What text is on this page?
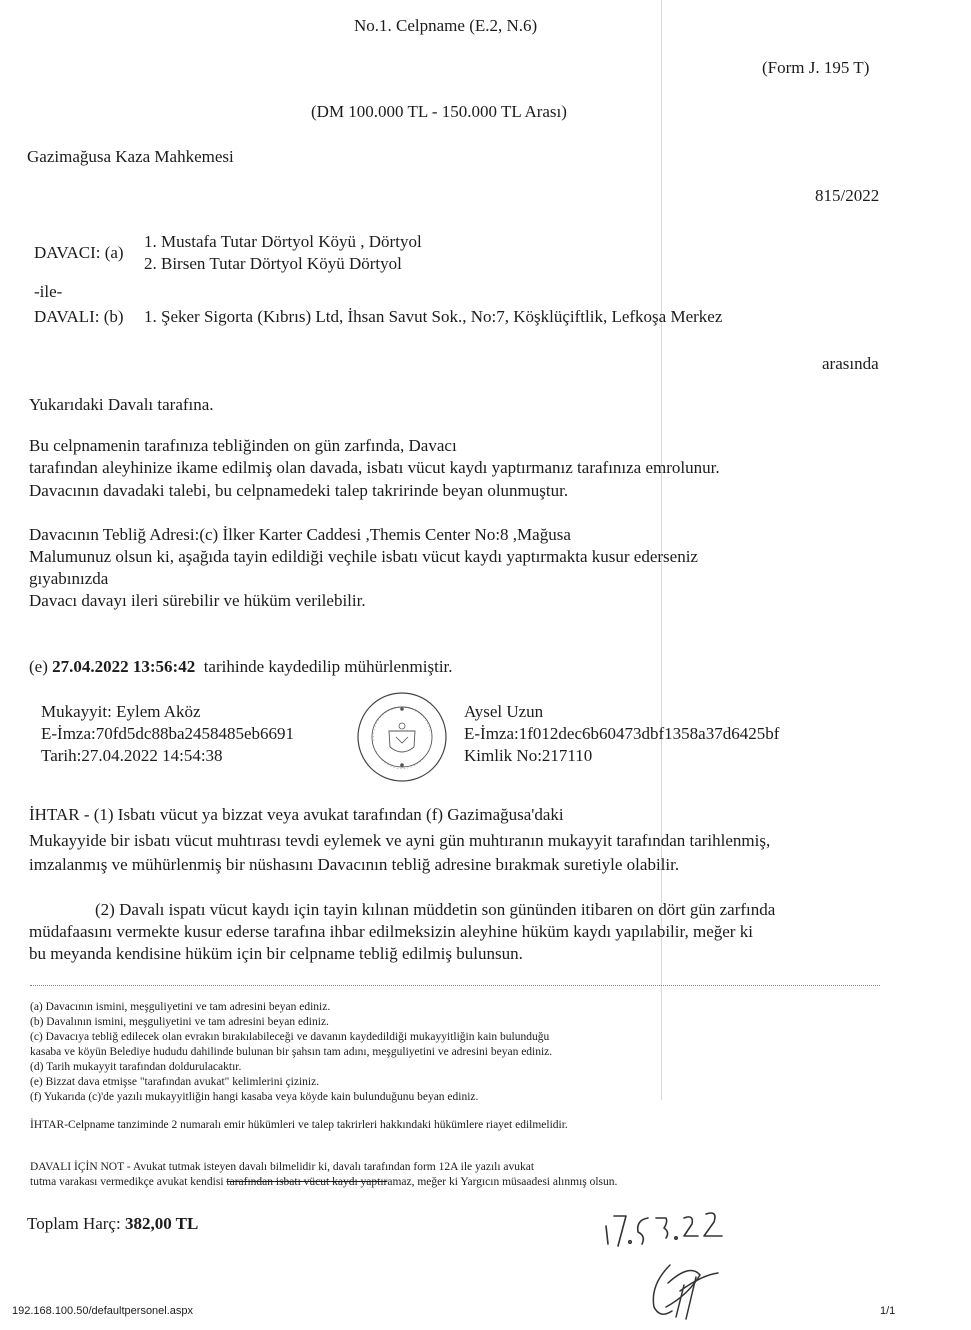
No.1. Celpname (E.2, N.6)
(Form J. 195 T)
(DM 100.000 TL - 150.000 TL Arası)
Gazimağusa Kaza Mahkemesi
815/2022
DAVACI: (a)
1. Mustafa Tutar Dörtyol Köyü , Dörtyol
2. Birsen Tutar Dörtyol Köyü Dörtyol
-ile-
DAVALI: (b) 1. Şeker Sigorta (Kıbrıs) Ltd, İhsan Savut Sok., No:7, Köşklüçiftlik, Lefkoşa Merkez
arasında
Yukarıdaki Davalı tarafına.
Bu celpnamenin tarafınıza tebliğinden on gün zarfında, Davacı
tarafından aleyhinize ikame edilmiş olan davada, isbatı vücut kaydı yaptırmanız tarafınıza emrolunur.
Davacının davadaki talebi, bu celpnamedeki talep takririnde beyan olunmuştur.
Davacının Tebliğ Adresi:(c) İlker Karter Caddesi ,Themis Center No:8 ,Mağusa
Malumunuz olsun ki, aşağıda tayin edildiği veçhile isbatı vücut kaydı yaptırmakta kusur ederseniz
gıyabınızda
Davacı davayı ileri sürebilir ve hüküm verilebilir.
(e) 27.04.2022 13:56:42 tarihinde kaydedilip mühürlenmiştir.
Mukayyit: Eylem Aköz
E-İmza:70fd5dc88ba2458485eb6691
Tarih:27.04.2022 14:54:38
Aysel Uzun
E-İmza:1f012dec6b60473dbf1358a37d6425bf
Kimlik No:217110
İHTAR - (1) Isbatı vücut ya bizzat veya avukat tarafından (f) Gazimağusa'daki
Mukayyide bir isbatı vücut muhtırası tevdi eylemek ve ayni gün muhtıranın mukayyit tarafından tarihlenmiş,
imzalanmış ve mühürlenmiş bir nüshasını Davacının tebliğ adresine bırakmak suretiyle olabilir.
(2) Davalı ispatı vücut kaydı için tayin kılınan müddetin son gününden itibaren on dört gün zarfında
müdafaasını vermekte kusur ederse tarafına ihbar edilmeksizin aleyhine hüküm kaydı yapılabilir, meğer ki
bu meyanda kendisine hüküm için bir celpname tebliğ edilmiş bulunsun.
(a) Davacının ismini, meşguliyetini ve tam adresini beyan ediniz.
(b) Davalının ismini, meşguliyetini ve tam adresini beyan ediniz.
(c) Davacıya tebliğ edilecek olan evrakın bırakılabileceği ve davanın kaydedildiği mukayyitliğin kain bulunduğu
kasaba ve köyün Belediye hududu dahilinde bulunan bir şahsın tam adını, meşguliyetini ve adresini beyan ediniz.
(d) Tarih mukayyit tarafından doldurulacaktır.
(e) Bizzat dava etmişse "tarafından avukat" kelimlerini çiziniz.
(f) Yukarıda (c)'de yazılı mukayyitliğin hangi kasaba veya köyde kain bulunduğunu beyan ediniz.
İHTAR-Celpname tanziminde 2 numaralı emir hükümleri ve talep takrirleri hakkındaki hükümlere riayet edilmelidir.
DAVALI İÇİN NOT - Avukat tutmak isteyen davalı bilmelidir ki, davalı tarafından form 12A ile yazılı avukat
tutma varakası vermedikçe avukat kendisi tarafından isbatı vücut kaydı yaptıramaz, meğer ki Yargıcın müsaadesi alınmış olsun.
Toplam Harç: 382,00 TL
192.168.100.50/defaultpersonel.aspx	1/1
